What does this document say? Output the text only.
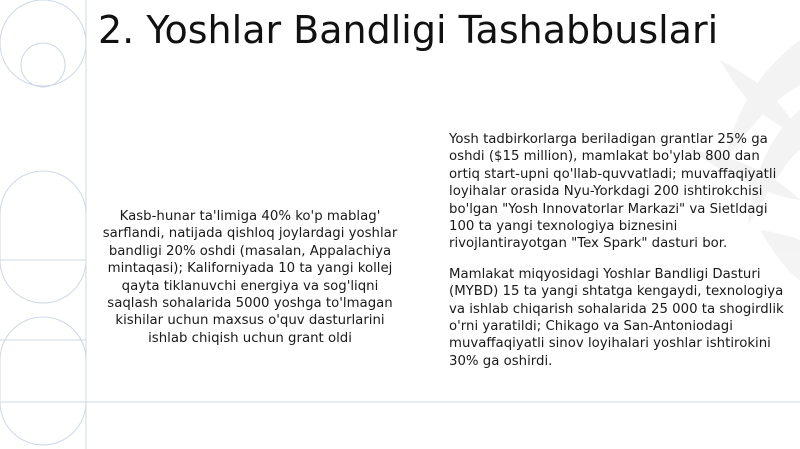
2. Yoshlar Bandligi Tashabbuslari

Kasb-hunar ta'limiga 40% ko'p mablag' sarflandi, natijada qishloq joylardagi yoshlar bandligi 20% oshdi (masalan, Appalachiya mintaqasi); Kaliforniyada 10 ta yangi kollej qayta tiklanuvchi energiya va sog'liqni saqlash sohalarida 5000 yoshga to'lmagan kishilar uchun maxsus o'quv dasturlarini ishlab chiqish uchun grant oldi

Yosh tadbirkorlarga beriladigan grantlar 25% ga oshdi ($15 million), mamlakat bo'ylab 800 dan ortiq start-upni qo'llab-quvvatladi; muvaffaqiyatli loyihalar orasida Nyu-Yorkdagi 200 ishtirokchisi bo'lgan "Yosh Innovatorlar Markazi" va Sietldagi 100 ta yangi texnologiya biznesini rivojlantirayotgan "Tex Spark" dasturi bor.

Mamlakat miqyosidagi Yoshlar Bandligi Dasturi (MYBD) 15 ta yangi shtatga kengaydi, texnologiya va ishlab chiqarish sohalarida 25 000 ta shogirdlik o'rni yaratildi; Chikago va San-Antoniodagi muvaffaqiyatli sinov loyihalari yoshlar ishtirokini 30% ga oshirdi.
